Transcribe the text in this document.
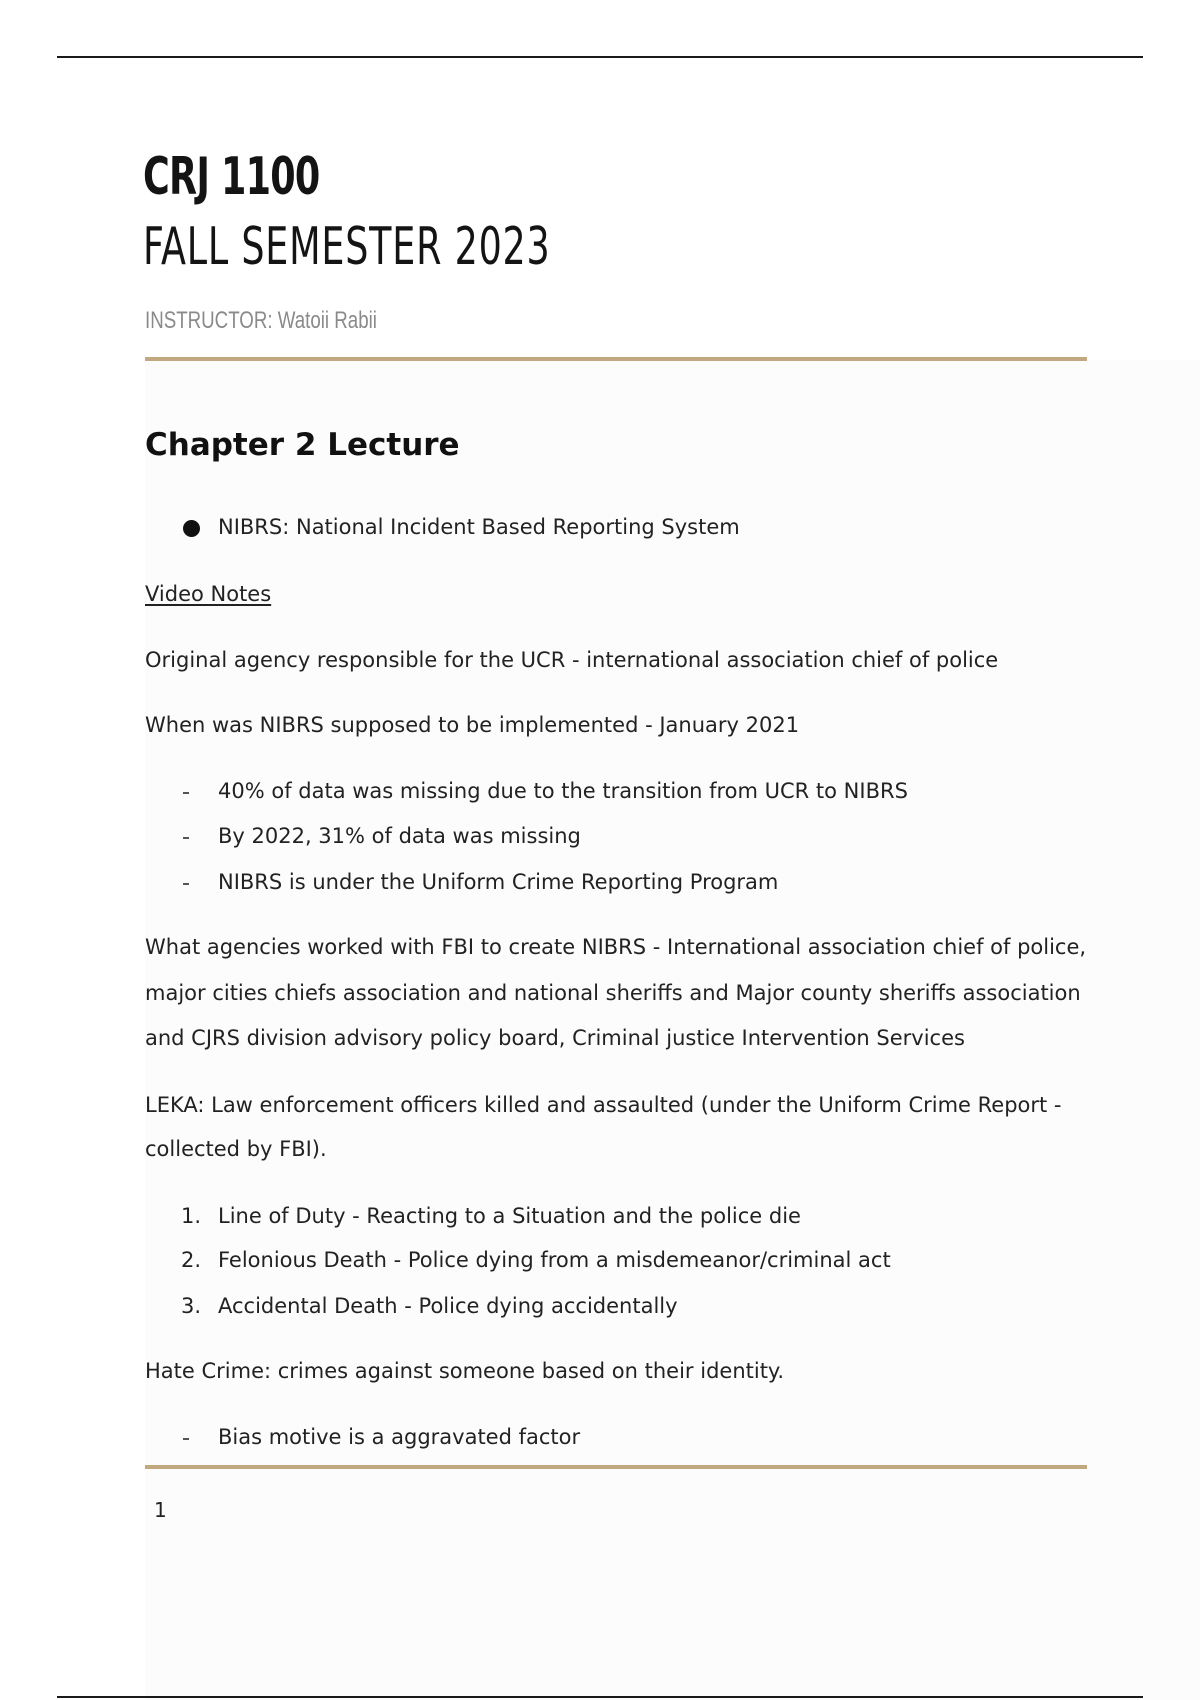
CRJ 1100
FALL SEMESTER 2023

INSTRUCTOR: Watoii Rabii

Chapter 2 Lecture

NIBRS: National Incident Based Reporting System

Video Notes

Original agency responsible for the UCR - international association chief of police

When was NIBRS supposed to be implemented - January 2021

40% of data was missing due to the transition from UCR to NIBRS

By 2022, 31% of data was missing

NIBRS is under the Uniform Crime Reporting Program

What agencies worked with FBI to create NIBRS - International association chief of police,

major cities chiefs association and national sheriffs and Major county sheriffs association

and CJRS division advisory policy board, Criminal justice Intervention Services

LEKA: Law enforcement officers killed and assaulted (under the Uniform Crime Report -

collected by FBI).

1. Line of Duty - Reacting to a Situation and the police die

2. Felonious Death - Police dying from a misdemeanor/criminal act

3. Accidental Death - Police dying accidentally

Hate Crime: crimes against someone based on their identity.

Bias motive is a aggravated factor

1
